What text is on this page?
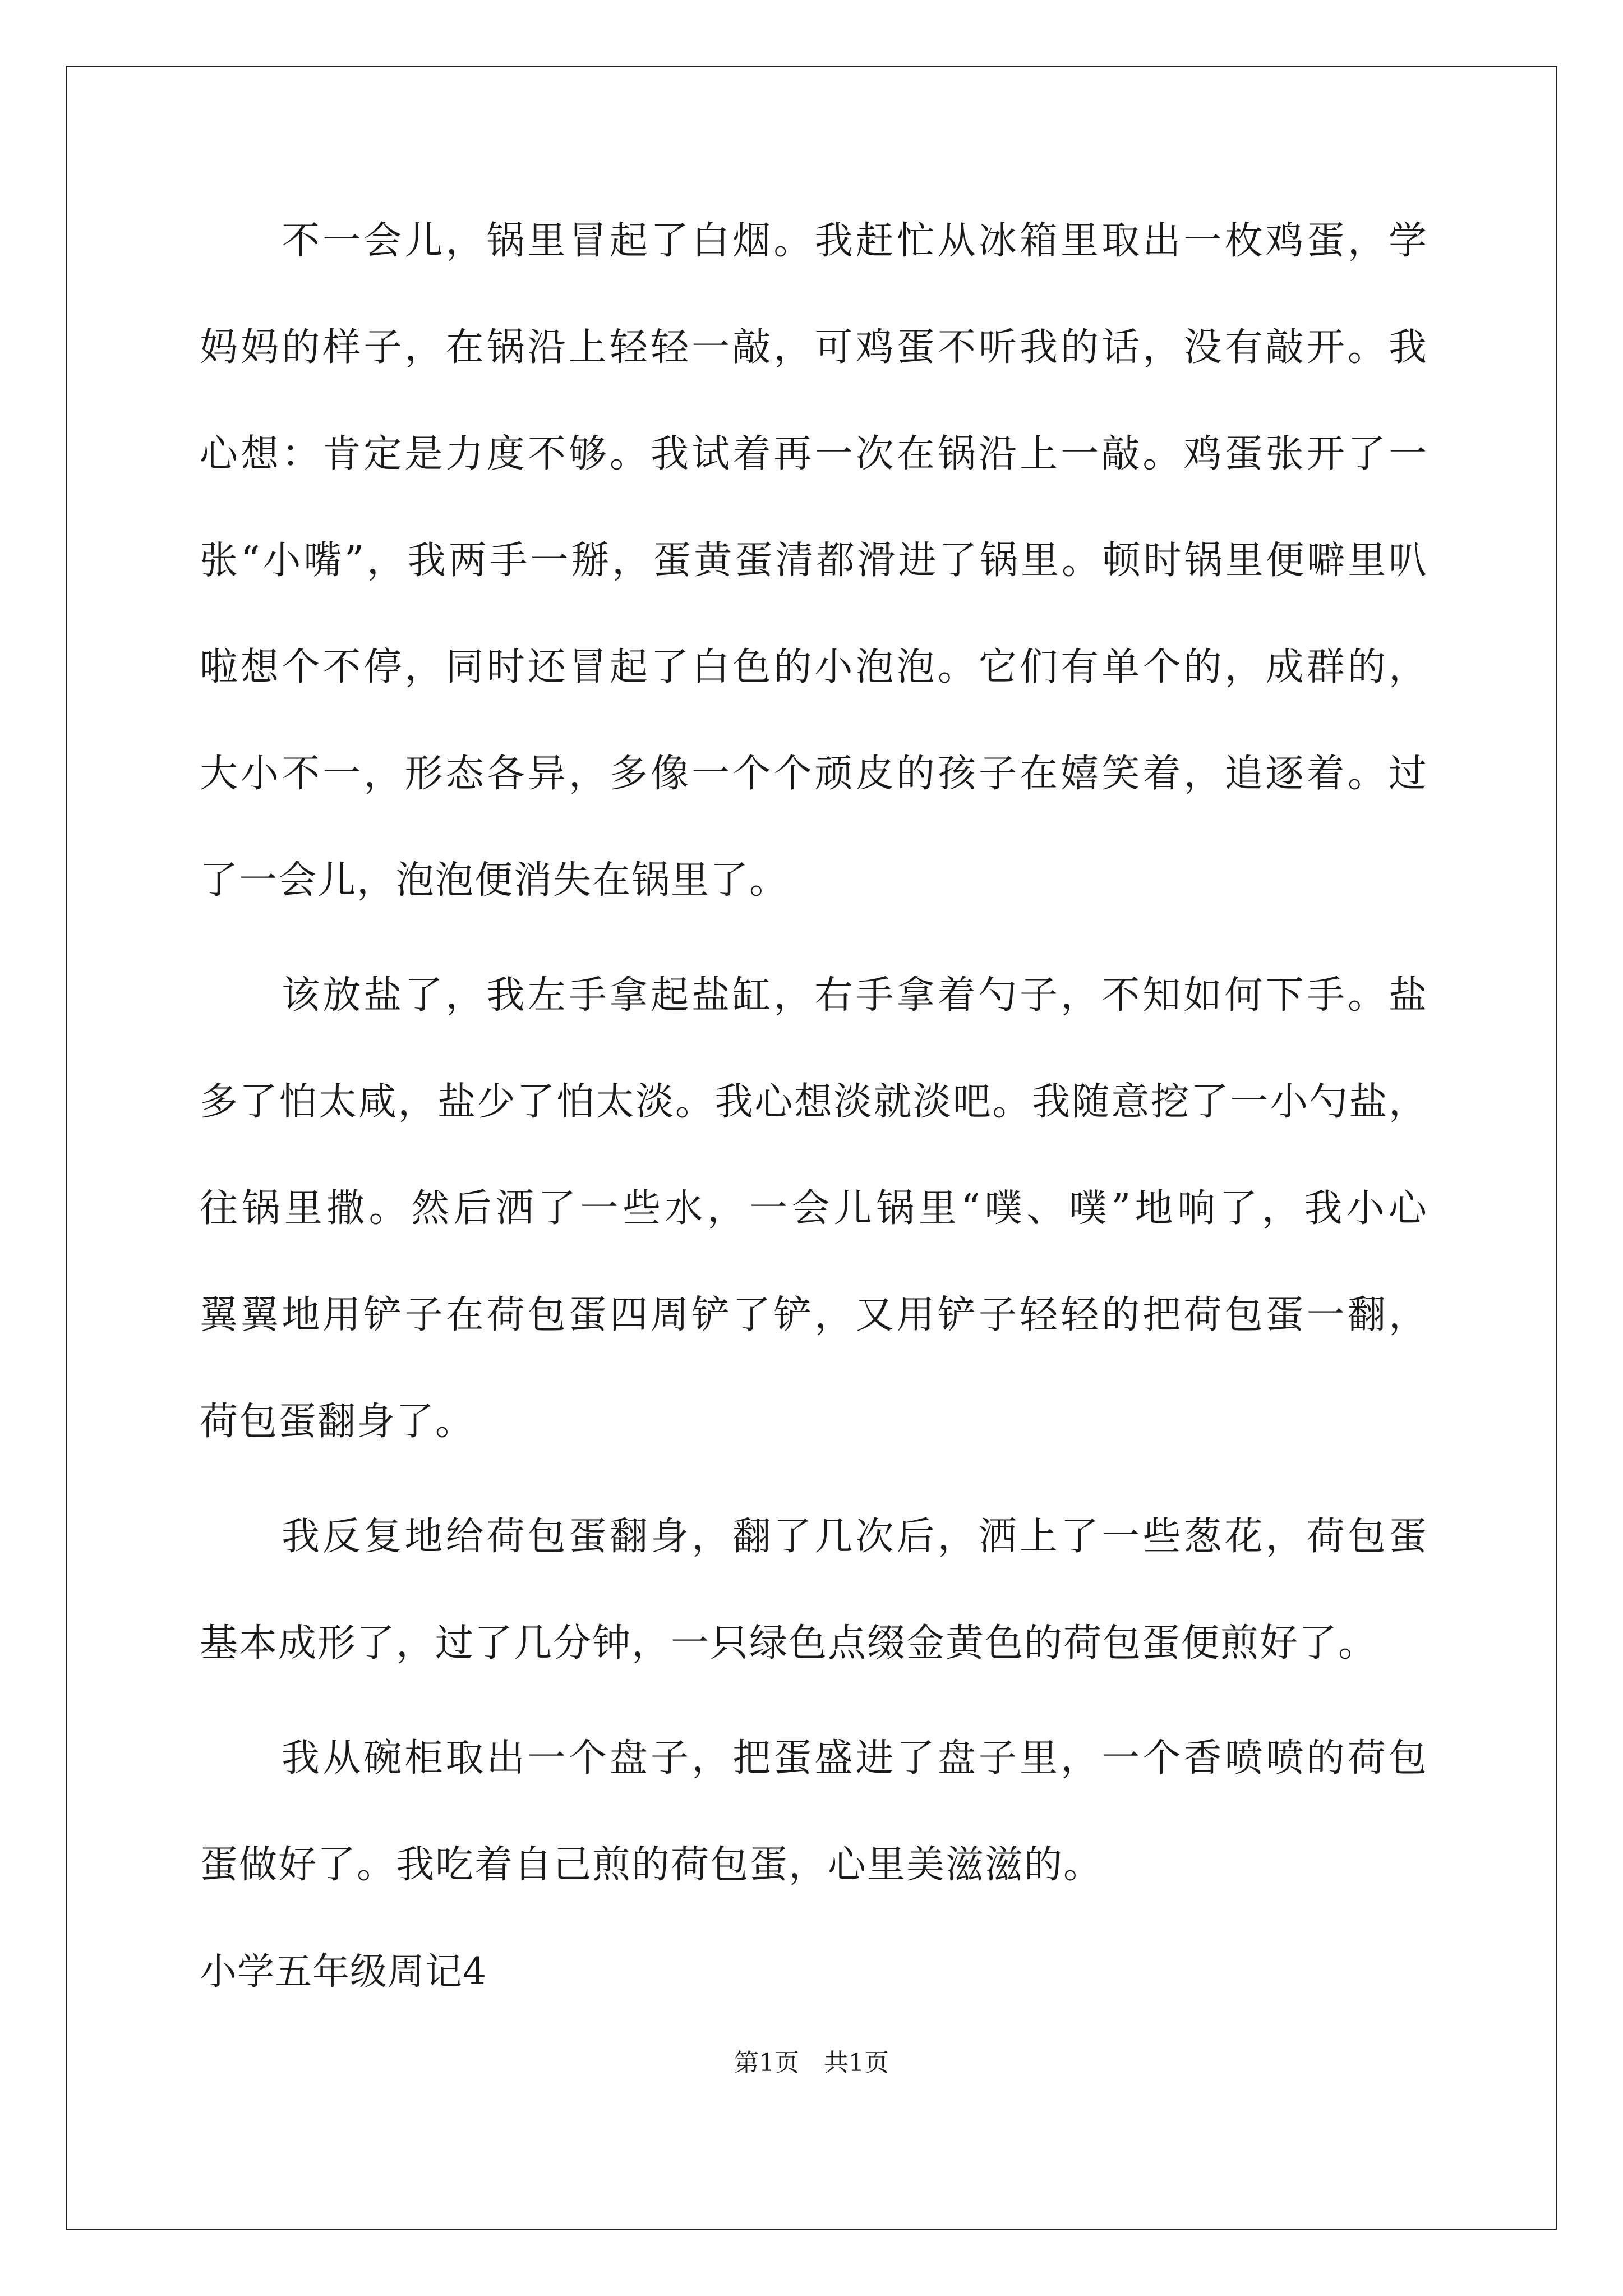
不一会儿，锅里冒起了白烟。我赶忙从冰箱里取出一枚鸡蛋，学
妈妈的样子，在锅沿上轻轻一敲，可鸡蛋不听我的话，没有敲开。我
心想：肯定是力度不够。我试着再一次在锅沿上一敲。鸡蛋张开了一
张“小嘴”，我两手一掰，蛋黄蛋清都滑进了锅里。顿时锅里便噼里叭
啦想个不停，同时还冒起了白色的小泡泡。它们有单个的，成群的，
大小不一，形态各异，多像一个个顽皮的孩子在嬉笑着，追逐着。过
了一会儿，泡泡便消失在锅里了。
该放盐了，我左手拿起盐缸，右手拿着勺子，不知如何下手。盐
多了怕太咸，盐少了怕太淡。我心想淡就淡吧。我随意挖了一小勺盐，
往锅里撒。然后洒了一些水，一会儿锅里“噗、噗”地响了，我小心
翼翼地用铲子在荷包蛋四周铲了铲，又用铲子轻轻的把荷包蛋一翻，
荷包蛋翻身了。
我反复地给荷包蛋翻身，翻了几次后，洒上了一些葱花，荷包蛋
基本成形了，过了几分钟，一只绿色点缀金黄色的荷包蛋便煎好了。
我从碗柜取出一个盘子，把蛋盛进了盘子里，一个香喷喷的荷包
蛋做好了。我吃着自己煎的荷包蛋，心里美滋滋的。
小学五年级周记4
第1页　共1页
